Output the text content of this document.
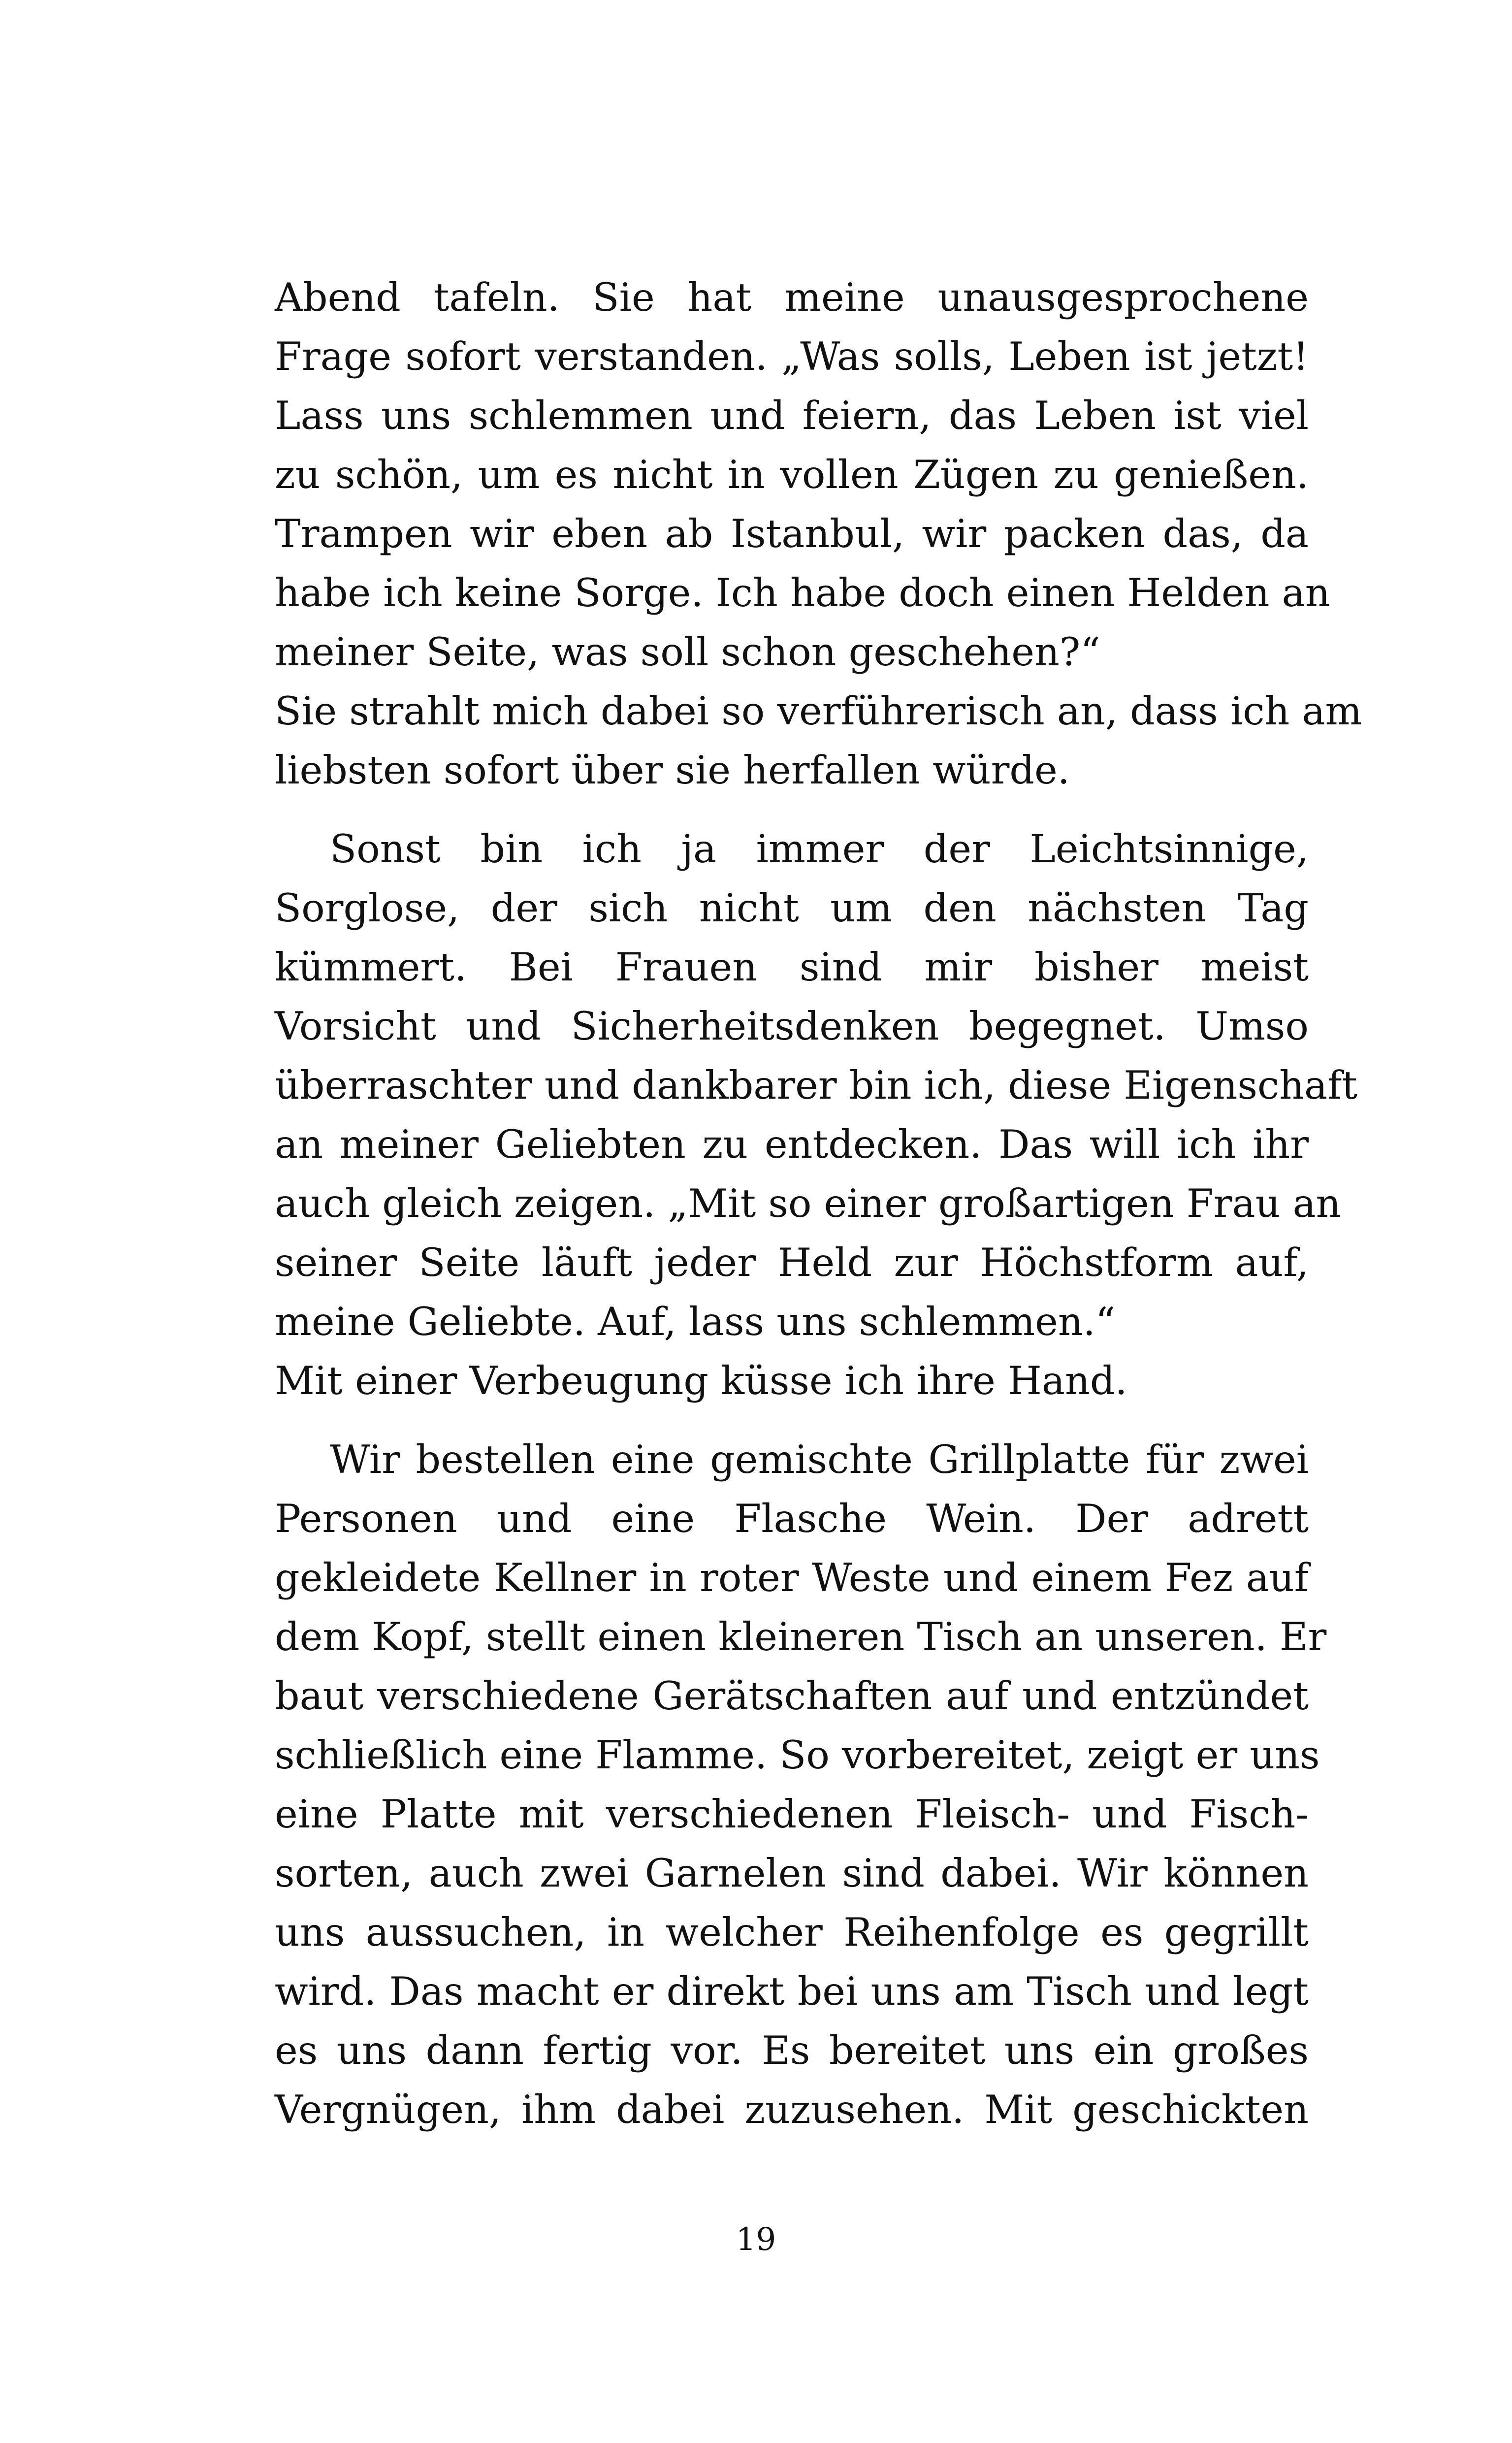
Abend tafeln. Sie hat meine unausgesprochene
Frage sofort verstanden. „Was solls, Leben ist jetzt!
Lass uns schlemmen und feiern, das Leben ist viel
zu schön, um es nicht in vollen Zügen zu genießen.
Trampen wir eben ab Istanbul, wir packen das, da
habe ich keine Sorge. Ich habe doch einen Helden an
meiner Seite, was soll schon geschehen?“
Sie strahlt mich dabei so verführerisch an, dass ich am
liebsten sofort über sie herfallen würde.
Sonst bin ich ja immer der Leichtsinnige,
Sorglose, der sich nicht um den nächsten Tag
kümmert. Bei Frauen sind mir bisher meist
Vorsicht und Sicherheitsdenken begegnet. Umso
überraschter und dankbarer bin ich, diese Eigenschaft
an meiner Geliebten zu entdecken. Das will ich ihr
auch gleich zeigen. „Mit so einer großartigen Frau an
seiner Seite läuft jeder Held zur Höchstform auf,
meine Geliebte. Auf, lass uns schlemmen.“
Mit einer Verbeugung küsse ich ihre Hand.
Wir bestellen eine gemischte Grillplatte für zwei
Personen und eine Flasche Wein. Der adrett
gekleidete Kellner in roter Weste und einem Fez auf
dem Kopf, stellt einen kleineren Tisch an unseren. Er
baut verschiedene Gerätschaften auf und entzündet
schließlich eine Flamme. So vorbereitet, zeigt er uns
eine Platte mit verschiedenen Fleisch- und Fisch-
sorten, auch zwei Garnelen sind dabei. Wir können
uns aussuchen, in welcher Reihenfolge es gegrillt
wird. Das macht er direkt bei uns am Tisch und legt
es uns dann fertig vor. Es bereitet uns ein großes
Vergnügen, ihm dabei zuzusehen. Mit geschickten
19
